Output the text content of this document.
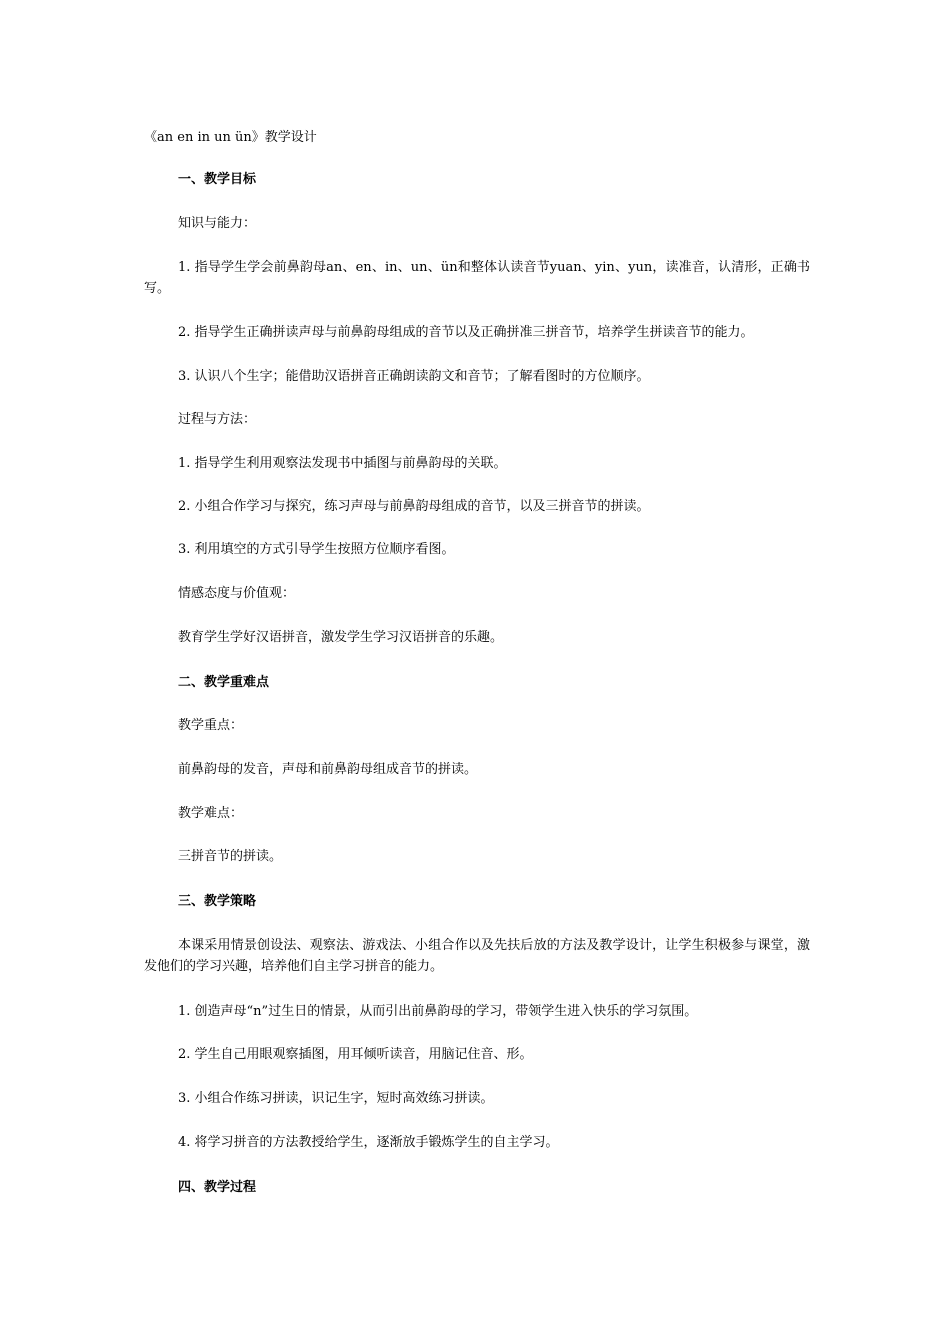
《an en in un ün》教学设计
一、教学目标
知识与能力：
1. 指导学生学会前鼻韵母an、en、in、un、ün和整体认读音节yuan、yin、yun，读准音，认清形，正确书写。
2. 指导学生正确拼读声母与前鼻韵母组成的音节以及正确拼准三拼音节，培养学生拼读音节的能力。
3. 认识八个生字；能借助汉语拼音正确朗读韵文和音节；了解看图时的方位顺序。
过程与方法：
1. 指导学生利用观察法发现书中插图与前鼻韵母的关联。
2. 小组合作学习与探究，练习声母与前鼻韵母组成的音节，以及三拼音节的拼读。
3. 利用填空的方式引导学生按照方位顺序看图。
情感态度与价值观：
教育学生学好汉语拼音，激发学生学习汉语拼音的乐趣。
二、教学重难点
教学重点：
前鼻韵母的发音，声母和前鼻韵母组成音节的拼读。
教学难点：
三拼音节的拼读。
三、教学策略
本课采用情景创设法、观察法、游戏法、小组合作以及先扶后放的方法及教学设计，让学生积极参与课堂，激发他们的学习兴趣，培养他们自主学习拼音的能力。
1. 创造声母“n”过生日的情景，从而引出前鼻韵母的学习，带领学生进入快乐的学习氛围。
2. 学生自己用眼观察插图，用耳倾听读音，用脑记住音、形。
3. 小组合作练习拼读，识记生字，短时高效练习拼读。
4. 将学习拼音的方法教授给学生，逐渐放手锻炼学生的自主学习。
四、教学过程
